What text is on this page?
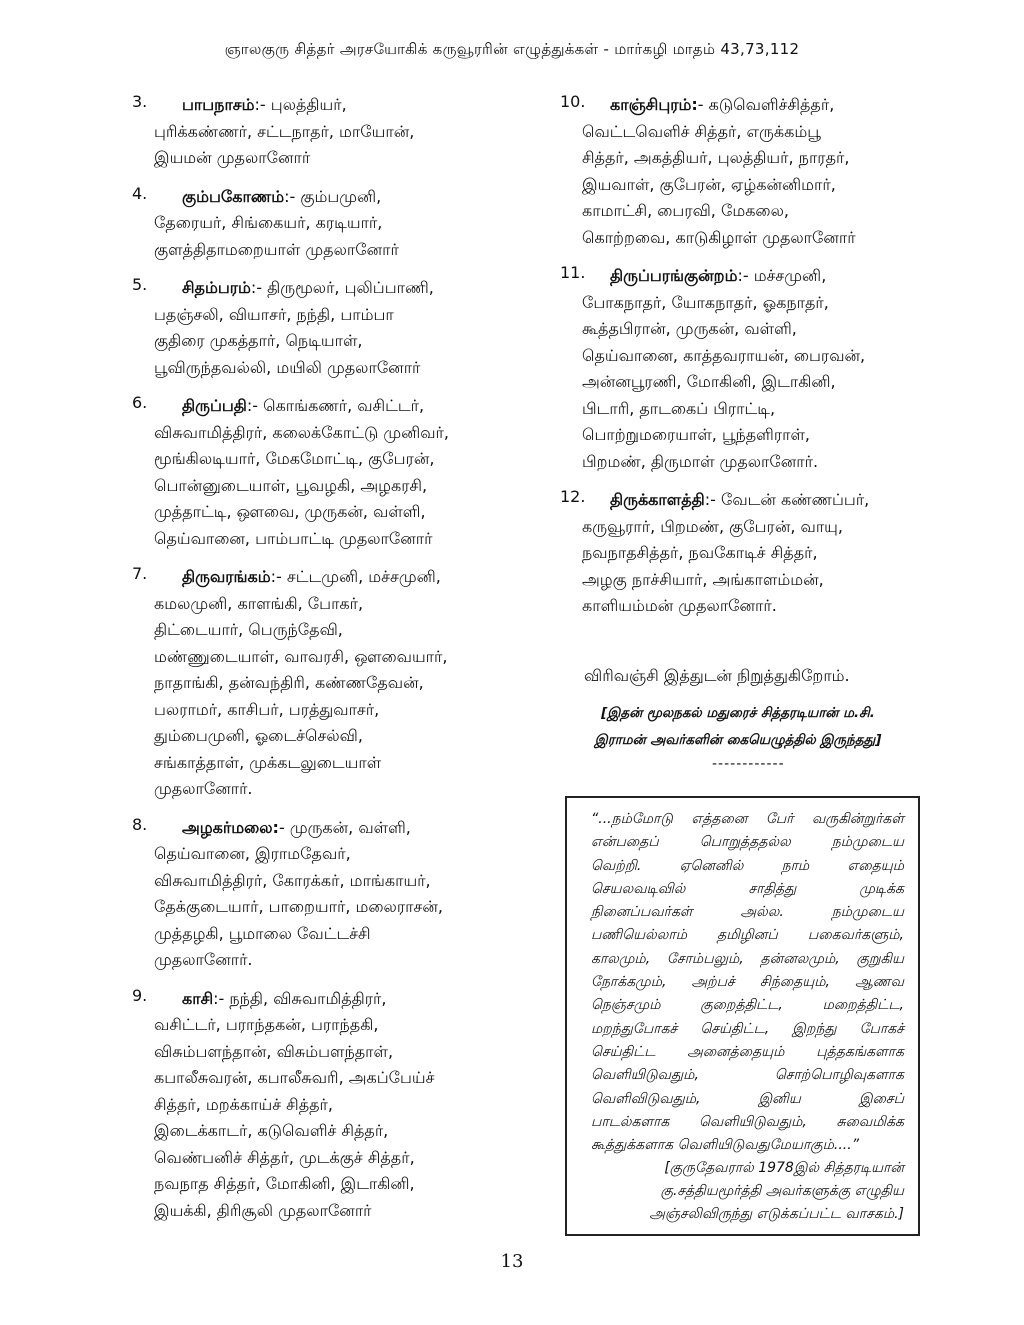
ஞாலகுரு சித்தர் அரசயோகிக் கருவூரரின் எழுத்துக்கள் - மார்கழி மாதம் 43,73,112
3.	பாபநாசம்:- புலத்தியர்,
புரிக்கண்ணர், சட்டநாதர், மாயோன்,
இயமன் முதலானோர்
4.	கும்பகோணம்:- கும்பமுனி,
தேரையர், சிங்கையர், கரடியார்,
குளத்திதாமறையாள் முதலானோர்
5.	சிதம்பரம்:- திருமூலர், புலிப்பாணி,
பதஞ்சலி, வியாசர், நந்தி, பாம்பா
குதிரை முகத்தார், நெடியாள்,
பூவிருந்தவல்லி, மயிலி முதலானோர்
6.	திருப்பதி:- கொங்கணர், வசிட்டர்,
விசுவாமித்திரர், கலைக்கோட்டு முனிவர்,
மூங்கிலடியார், மேகமோட்டி, குபேரன்,
பொன்னுடையாள், பூவழகி, அழகரசி,
முத்தாட்டி, ஔவை, முருகன், வள்ளி,
தெய்வானை, பாம்பாட்டி முதலானோர்
7.	திருவரங்கம்:- சட்டமுனி, மச்சமுனி,
கமலமுனி, காளங்கி, போகர்,
திட்டையார், பெருந்தேவி,
மண்ணுடையாள், வாவரசி, ஔவையார்,
நாதாங்கி, தன்வந்திரி, கண்ணதேவன்,
பலராமர், காசிபர், பரத்துவாசர்,
தும்பைமுனி, ஓடைச்செல்வி,
சங்காத்தாள், முக்கடலுடையாள்
முதலானோர்.
8.	அழகர்மலை:- முருகன், வள்ளி,
தெய்வானை, இராமதேவர்,
விசுவாமித்திரர், கோரக்கர், மாங்காயர்,
தேக்குடையார், பாறையார், மலைராசன்,
முத்தழகி, பூமாலை வேட்டச்சி
முதலானோர்.
9.	காசி:- நந்தி, விசுவாமித்திரர்,
வசிட்டர், பராந்தகன், பராந்தகி,
விசும்பளந்தான், விசும்பளந்தாள்,
கபாலீசுவரன், கபாலீசுவரி, அகப்பேய்ச்
சித்தர், மறக்காய்ச் சித்தர்,
இடைக்காடர், கடுவெளிச் சித்தர்,
வெண்பனிச் சித்தர், முடக்குச் சித்தர்,
நவநாத சித்தர், மோகினி, இடாகினி,
இயக்கி, திரிசூலி முதலானோர்
10.	காஞ்சிபுரம்:- கடுவெளிச்சித்தர்,
வெட்டவெளிச் சித்தர், எருக்கம்பூ
சித்தர், அகத்தியர், புலத்தியர், நாரதர்,
இயவாள், குபேரன், ஏழ்கன்னிமார்,
காமாட்சி, பைரவி, மேகலை,
கொற்றவை, காடுகிழாள் முதலானோர்
11.	திருப்பரங்குன்றம்:- மச்சமுனி,
போகநாதர், யோகநாதர், ஓகநாதர்,
கூத்தபிரான், முருகன், வள்ளி,
தெய்வானை, காத்தவராயன், பைரவன்,
அன்னபூரணி, மோகினி, இடாகினி,
பிடாரி, தாடகைப் பிராட்டி,
பொற்றுமரையாள், பூந்தளிராள்,
பிறமண், திருமாள் முதலானோர்.
12.	திருக்காளத்தி:- வேடன் கண்ணப்பர்,
கருவூரார், பிறமண், குபேரன், வாயு,
நவநாதசித்தர், நவகோடிச் சித்தர்,
அழகு நாச்சியார், அங்காளம்மன்,
காளியம்மன் முதலானோர்.
விரிவஞ்சி இத்துடன் நிறுத்துகிறோம்.
[இதன் மூலநகல் மதுரைச் சித்தரடியான் ம.சி.
இராமன் அவர்களின் கையெழுத்தில் இருந்தது]
------------
“...நம்மோடு எத்தனை பேர் வருகின்றுர்கள்
என்பதைப் பொறுத்ததல்ல நம்முடைய
வெற்றி. ஏனெனில் நாம் எதையும்
செயலவடிவில் சாதித்து முடிக்க
நினைப்பவர்கள் அல்ல. நம்முடைய
பணியெல்லாம் தமிழினப் பகைவர்களும்,
காலமும், சோம்பலும், தன்னலமும், குறுகிய
நோக்கமும், அற்பச் சிந்தையும், ஆணவ
நெஞ்சமும் குறைத்திட்ட, மறைத்திட்ட,
மறந்துபோகச் செய்திட்ட, இறந்து போகச்
செய்திட்ட அனைத்தையும் புத்தகங்களாக
வெளியிடுவதும், சொற்பொழிவுகளாக
வெளிவிடுவதும், இனிய இசைப்
பாடல்களாக வெளியிடுவதும், சுவைமிக்க
கூத்துக்களாக வெளியிடுவதுமேயாகும்....”
[குருதேவரால் 1978இல் சித்தரடியான்
கு.சத்தியமூர்த்தி அவர்களுக்கு எழுதிய
அஞ்சலிவிருந்து எடுக்கப்பட்ட வாசகம்.]
13
